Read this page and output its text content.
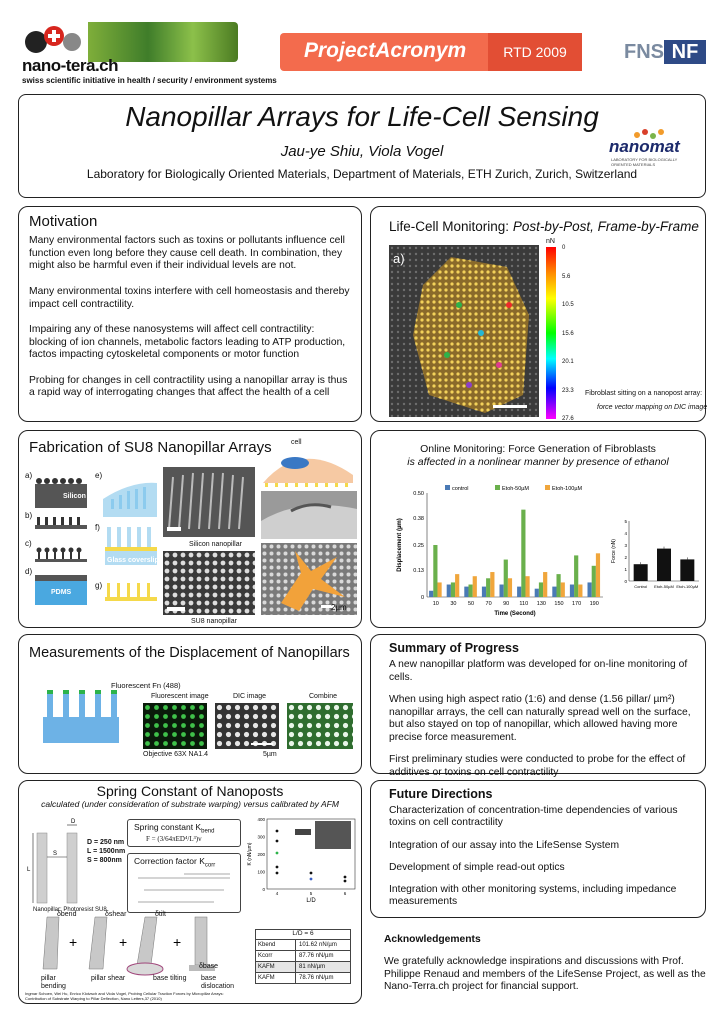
nano-tera.ch
swiss scientific initiative in health / security / environment systems
ProjectAcronym	RTD 2009	FNS NF
Nanopillar Arrays for Life-Cell Sensing
Jau-ye Shiu, Viola Vogel
Laboratory for Biologically Oriented Materials, Department of Materials, ETH Zurich, Zurich, Switzerland
nanomat
LABORATORY FOR BIOLOGICALLY ORIENTED MATERIALS
Motivation

Many environmental factors such as toxins or pollutants influence cell function even long before they cause cell death. In combination, they might also be harmful even if their individual levels are not.

Many environmental toxins interfere with cell homeostasis and thereby impact cell contractility.

Impairing any of these nanosystems will affect cell contractility: blocking of ion channels, metabolic factors leading to ATP production, factos impacting cytoskeletal components or motor function

Probing for changes in cell contractility using a nanopillar array is thus a rapid way of interrogating changes that affect the health of a cell

Life-Cell Monitoring: Post-by-Post, Frame-by-Frame
a)
nN
Fibroblast sitting on a nanopost array:
force vector mapping on DIC image
0
5.6
10.5
15.6
20.1
23.3
27.6
Fabrication of SU8 Nanopillar Arrays
a)
Silicon
b)
c)
d)
PDMS
e)
f)
Glass coverslip
g)
Silicon nanopillar
SU8 nanopillar
cell
2µm
Online Monitoring: Force Generation of Fibroblasts
is affected in a nonlinear manner by presence of ethanol
control	Etoh-50µM	Etoh-100µM
0
0.13
0.25
0.38
0.50
10 30 50 70 90 110 130 150 170 190
Time (Second)
Displacement (µm)
0
1
2
3
4
5
Control Etoh-50µM Etoh-100µM
Force (nN)
Measurements of the Displacement of Nanopillars
Fluorescent Fn (488)
Fluorescent image	DIC image	Combine
Objective 63X NA1.4	5µm
Summary of Progress

A new nanopillar platform was developed for on-line monitoring of cells.

When using high aspect ratio (1:6) and dense (1.56 pillar/ µm²) nanopillar arrays, the cell can naturally spread well on the surface, but also stayed on top of nanopillar, which allowed having more precise force measurement.

First preliminary studies were conducted to probe for the effect of additives or toxins on cell contractility

Spring Constant of Nanoposts
calculated (under consideration of substrate warping) versus calibrated by AFM
D
S
L
D = 250 nm
L = 1500nm
S = 800nm
Nanopillar: Photoresist SU8
Spring constant $K_{bend}$
F = (3/64πED⁴/L³)v
Correction factor $K_{corr}$
0
100
200
300
400
4	5	6
L/D
K (nN/µm)
+	+	+
δbend	δshear	δtilt
δbase
pillar bending
pillar shear	base tilting base dislocation
L/D = 6
Kbend	101.62 nN/µm
Kcorr	87.76 nN/µm
KAFM	81 nN/µm
KAFM	78.76 nN/µm
Ingmar Schoen, Wei Hu, Enrico Klotzsch and Viola Vogel, Probing Cellular Traction Forces by Micropillar Arrays:
Contribution of Substrate Warping to Pillar Deflection, Nano Letters,37 (2010)
Future Directions

Characterization of concentration-time dependencies of various toxins on cell contractility

Integration of our assay into the LifeSense System

Development of simple read-out optics

Integration with other monitoring systems, including impedance measurements

Acknowledgements
We gratefully acknowledge inspirations and discussions with Prof. Philippe Renaud and members of the LifeSense Project, as well as the Nano-Terra.ch project for financial support.
